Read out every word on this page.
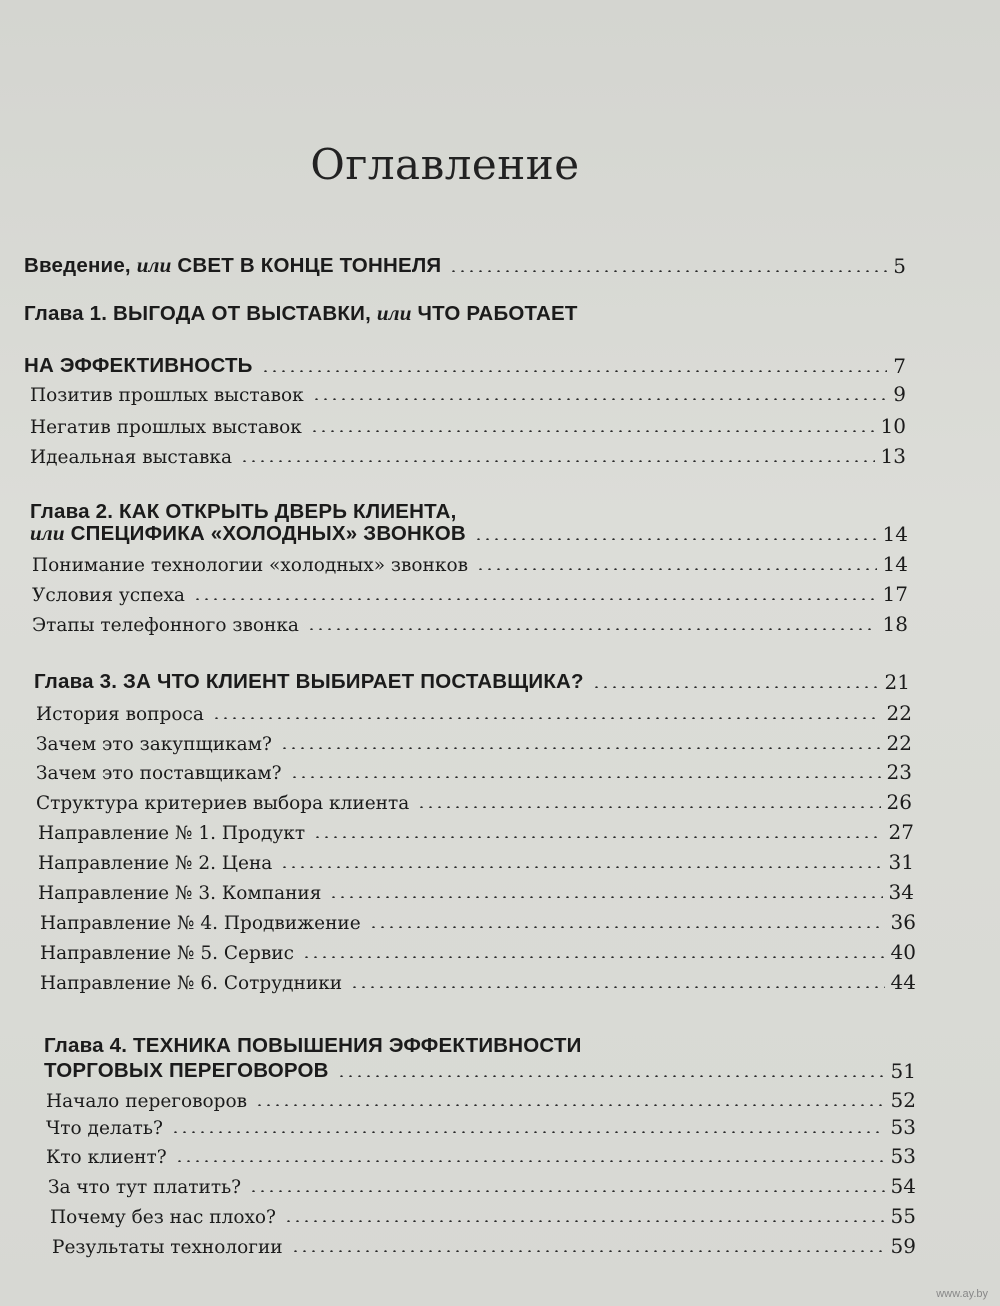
Оглавление
Введение, или СВЕТ В КОНЦЕ ТОННЕЛЯ	5
Глава 1. ВЫГОДА ОТ ВЫСТАВКИ, или ЧТО РАБОТАЕТ
НА ЭФФЕКТИВНОСТЬ	7
Позитив прошлых выставок	9
Негатив прошлых выставок	10
Идеальная выставка	13
Глава 2. КАК ОТКРЫТЬ ДВЕРЬ КЛИЕНТА,
или СПЕЦИФИКА «ХОЛОДНЫХ» ЗВОНКОВ	14
Понимание технологии «холодных» звонков	14
Условия успеха	17
Этапы телефонного звонка	18
Глава 3. ЗА ЧТО КЛИЕНТ ВЫБИРАЕТ ПОСТАВЩИКА?	21
История вопроса	22
Зачем это закупщикам?	22
Зачем это поставщикам?	23
Структура критериев выбора клиента	26
Направление № 1. Продукт	27
Направление № 2. Цена	31
Направление № 3. Компания	34
Направление № 4. Продвижение	36
Направление № 5. Сервис	40
Направление № 6. Сотрудники	44
Глава 4. ТЕХНИКА ПОВЫШЕНИЯ ЭФФЕКТИВНОСТИ
ТОРГОВЫХ ПЕРЕГОВОРОВ	51
Начало переговоров	52
Что делать?	53
Кто клиент?	53
За что тут платить?	54
Почему без нас плохо?	55
Результаты технологии	59
www.ay.by
